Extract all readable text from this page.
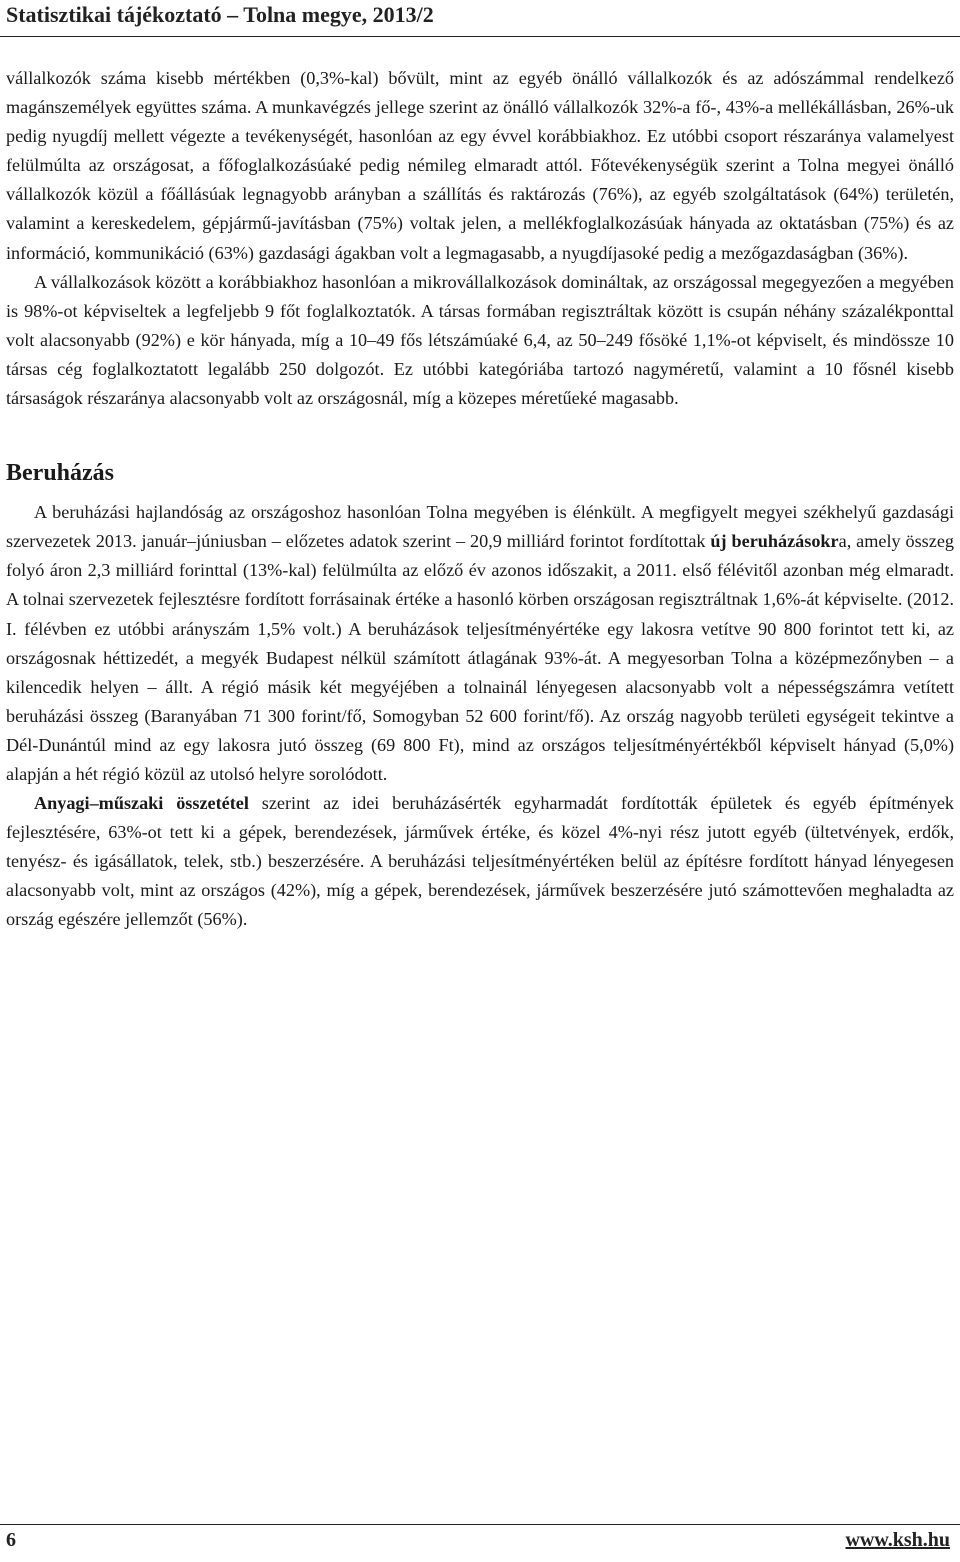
Statisztikai tájékoztató – Tolna megye, 2013/2

vállalkozók száma kisebb mértékben (0,3%-kal) bővült, mint az egyéb önálló vállalkozók és az adószámmal rendelkező magánszemélyek együttes száma. A munkavégzés jellege szerint az önálló vállalkozók 32%-a fő-, 43%-a mellékállásban, 26%-uk pedig nyugdíj mellett végezte a tevékenységét, hasonlóan az egy évvel korábbiakhoz. Ez utóbbi csoport részaránya valamelyest felülmúlta az országosat, a főfoglalkozásúaké pedig némileg elmaradt attól. Főtevékenységük szerint a Tolna megyei önálló vállalkozók közül a főállásúak legnagyobb arányban a szállítás és raktározás (76%), az egyéb szolgáltatások (64%) területén, valamint a kereskedelem, gépjármű-javításban (75%) voltak jelen, a mellékfoglalkozásúak hányada az oktatásban (75%) és az információ, kommunikáció (63%) gazdasági ágakban volt a legmagasabb, a nyugdíjasoké pedig a mezőgazdaságban (36%).

A vállalkozások között a korábbiakhoz hasonlóan a mikrovállalkozások domináltak, az országossal megegyezően a megyében is 98%-ot képviseltek a legfeljebb 9 főt foglalkoztatók. A társas formában regisztráltak között is csupán néhány százalékponttal volt alacsonyabb (92%) e kör hányada, míg a 10–49 fős létszámúaké 6,4, az 50–249 fősöké 1,1%-ot képviselt, és mindössze 10 társas cég foglalkoztatott legalább 250 dolgozót. Ez utóbbi kategóriába tartozó nagyméretű, valamint a 10 fősnél kisebb társaságok részaránya alacsonyabb volt az országosnál, míg a közepes méretűeké magasabb.

Beruházás

A beruházási hajlandóság az országoshoz hasonlóan Tolna megyében is élénkült. A megfigyelt megyei székhelyű gazdasági szervezetek 2013. január–júniusban – előzetes adatok szerint – 20,9 milliárd forintot fordítottak új beruházásokra, amely összeg folyó áron 2,3 milliárd forinttal (13%-kal) felülmúlta az előző év azonos időszakit, a 2011. első félévitől azonban még elmaradt. A tolnai szervezetek fejlesztésre fordított forrásainak értéke a hasonló körben országosan regisztráltnak 1,6%-át képviselte. (2012. I. félévben ez utóbbi arányszám 1,5% volt.) A beruházások teljesítményértéke egy lakosra vetítve 90 800 forintot tett ki, az országosnak héttizedét, a megyék Budapest nélkül számított átlagának 93%-át. A megyesorban Tolna a középmezőnyben – a kilencedik helyen – állt. A régió másik két megyéjében a tolnainál lényegesen alacsonyabb volt a népességszámra vetített beruházási összeg (Baranyában 71 300 forint/fő, Somogyban 52 600 forint/fő). Az ország nagyobb területi egységeit tekintve a Dél-Dunántúl mind az egy lakosra jutó összeg (69 800 Ft), mind az országos teljesítményértékből képviselt hányad (5,0%) alapján a hét régió közül az utolsó helyre sorolódott.

Anyagi–műszaki összetétel szerint az idei beruházásérték egyharmadát fordították épületek és egyéb építmények fejlesztésére, 63%-ot tett ki a gépek, berendezések, járművek értéke, és közel 4%-nyi rész jutott egyéb (ültetvények, erdők, tenyész- és igásállatok, telek, stb.) beszerzésére. A beruházási teljesítményértéken belül az építésre fordított hányad lényegesen alacsonyabb volt, mint az országos (42%), míg a gépek, berendezések, járművek beszerzésére jutó számottevően meghaladta az ország egészére jellemzőt (56%).

6	www.ksh.hu
